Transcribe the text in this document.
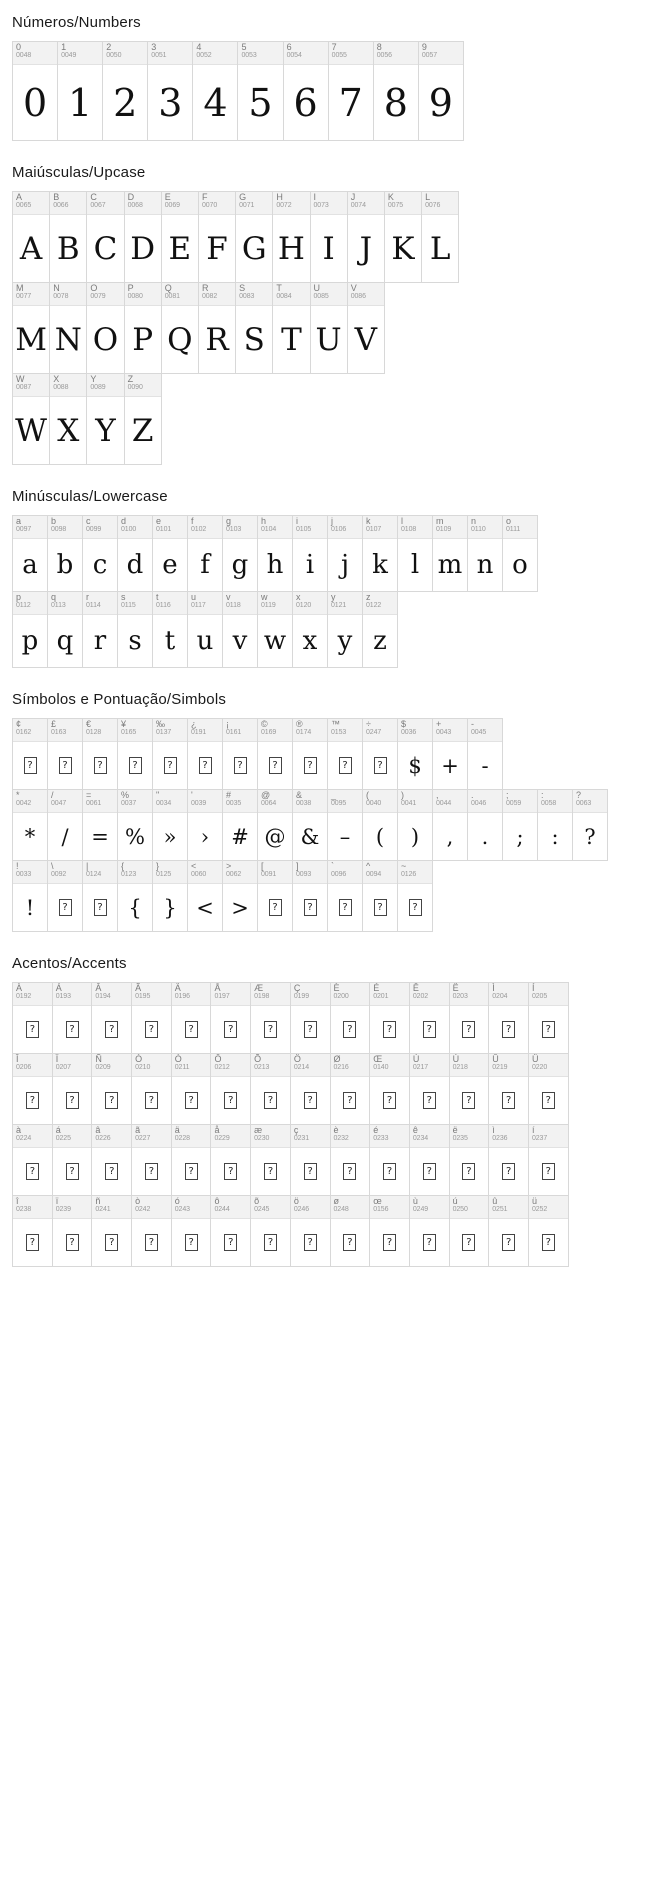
Números/Numbers
0
0048
0
1
0049
1
2
0050
2
3
0051
3
4
0052
4
5
0053
5
6
0054
6
7
0055
7
8
0056
8
9
0057
9
Maiúsculas/Upcase
A
0065
A
B
0066
B
C
0067
C
D
0068
D
E
0069
E
F
0070
F
G
0071
G
H
0072
H
I
0073
I
J
0074
J
K
0075
K
L
0076
L
M
0077
M
N
0078
N
O
0079
O
P
0080
P
Q
0081
Q
R
0082
R
S
0083
S
T
0084
T
U
0085
U
V
0086
V
W
0087
W
X
0088
X
Y
0089
Y
Z
0090
Z
Minúsculas/Lowercase
a
0097
a
b
0098
b
c
0099
c
d
0100
d
e
0101
e
f
0102
f
g
0103
g
h
0104
h
i
0105
i
j
0106
j
k
0107
k
l
0108
l
m
0109
m
n
0110
n
o
0111
o
p
0112
p
q
0113
q
r
0114
r
s
0115
s
t
0116
t
u
0117
u
v
0118
v
w
0119
w
x
0120
x
y
0121
y
z
0122
z
Símbolos e Pontuação/Simbols
¢
0162
?
£
0163
?
€
0128
?
¥
0165
?
‰
0137
?
¿
0191
?
¡
0161
?
©
0169
?
®
0174
?
™
0153
?
÷
0247
?
$
0036
$
+
0043
+
-
0045
-
*
0042
*
/
0047
/
=
0061
=
%
0037
%
"
0034
»
'
0039
›
#
0035
#
@
0064
@
&
0038
&
_
0095
–
(
0040
(
)
0041
)
,
0044
,
.
0046
.
;
0059
;
:
0058
:
?
0063
?
!
0033
!
\
0092
?
|
0124
?
{
0123
{
}
0125
}
<
0060
<
>
0062
>
[
0091
?
]
0093
?
`
0096
?
^
0094
?
~
0126
?
Acentos/Accents
À
0192
?
Á
0193
?
Â
0194
?
Ã
0195
?
Ä
0196
?
Å
0197
?
Æ
0198
?
Ç
0199
?
È
0200
?
É
0201
?
Ê
0202
?
Ë
0203
?
Ì
0204
?
Í
0205
?
Î
0206
?
Ï
0207
?
Ñ
0209
?
Ò
0210
?
Ó
0211
?
Ô
0212
?
Õ
0213
?
Ö
0214
?
Ø
0216
?
Œ
0140
?
Ù
0217
?
Ú
0218
?
Û
0219
?
Ü
0220
?
à
0224
?
á
0225
?
â
0226
?
ã
0227
?
ä
0228
?
å
0229
?
æ
0230
?
ç
0231
?
è
0232
?
é
0233
?
ê
0234
?
ë
0235
?
ì
0236
?
í
0237
?
î
0238
?
ï
0239
?
ñ
0241
?
ò
0242
?
ó
0243
?
ô
0244
?
õ
0245
?
ö
0246
?
ø
0248
?
œ
0156
?
ù
0249
?
ú
0250
?
û
0251
?
ü
0252
?
